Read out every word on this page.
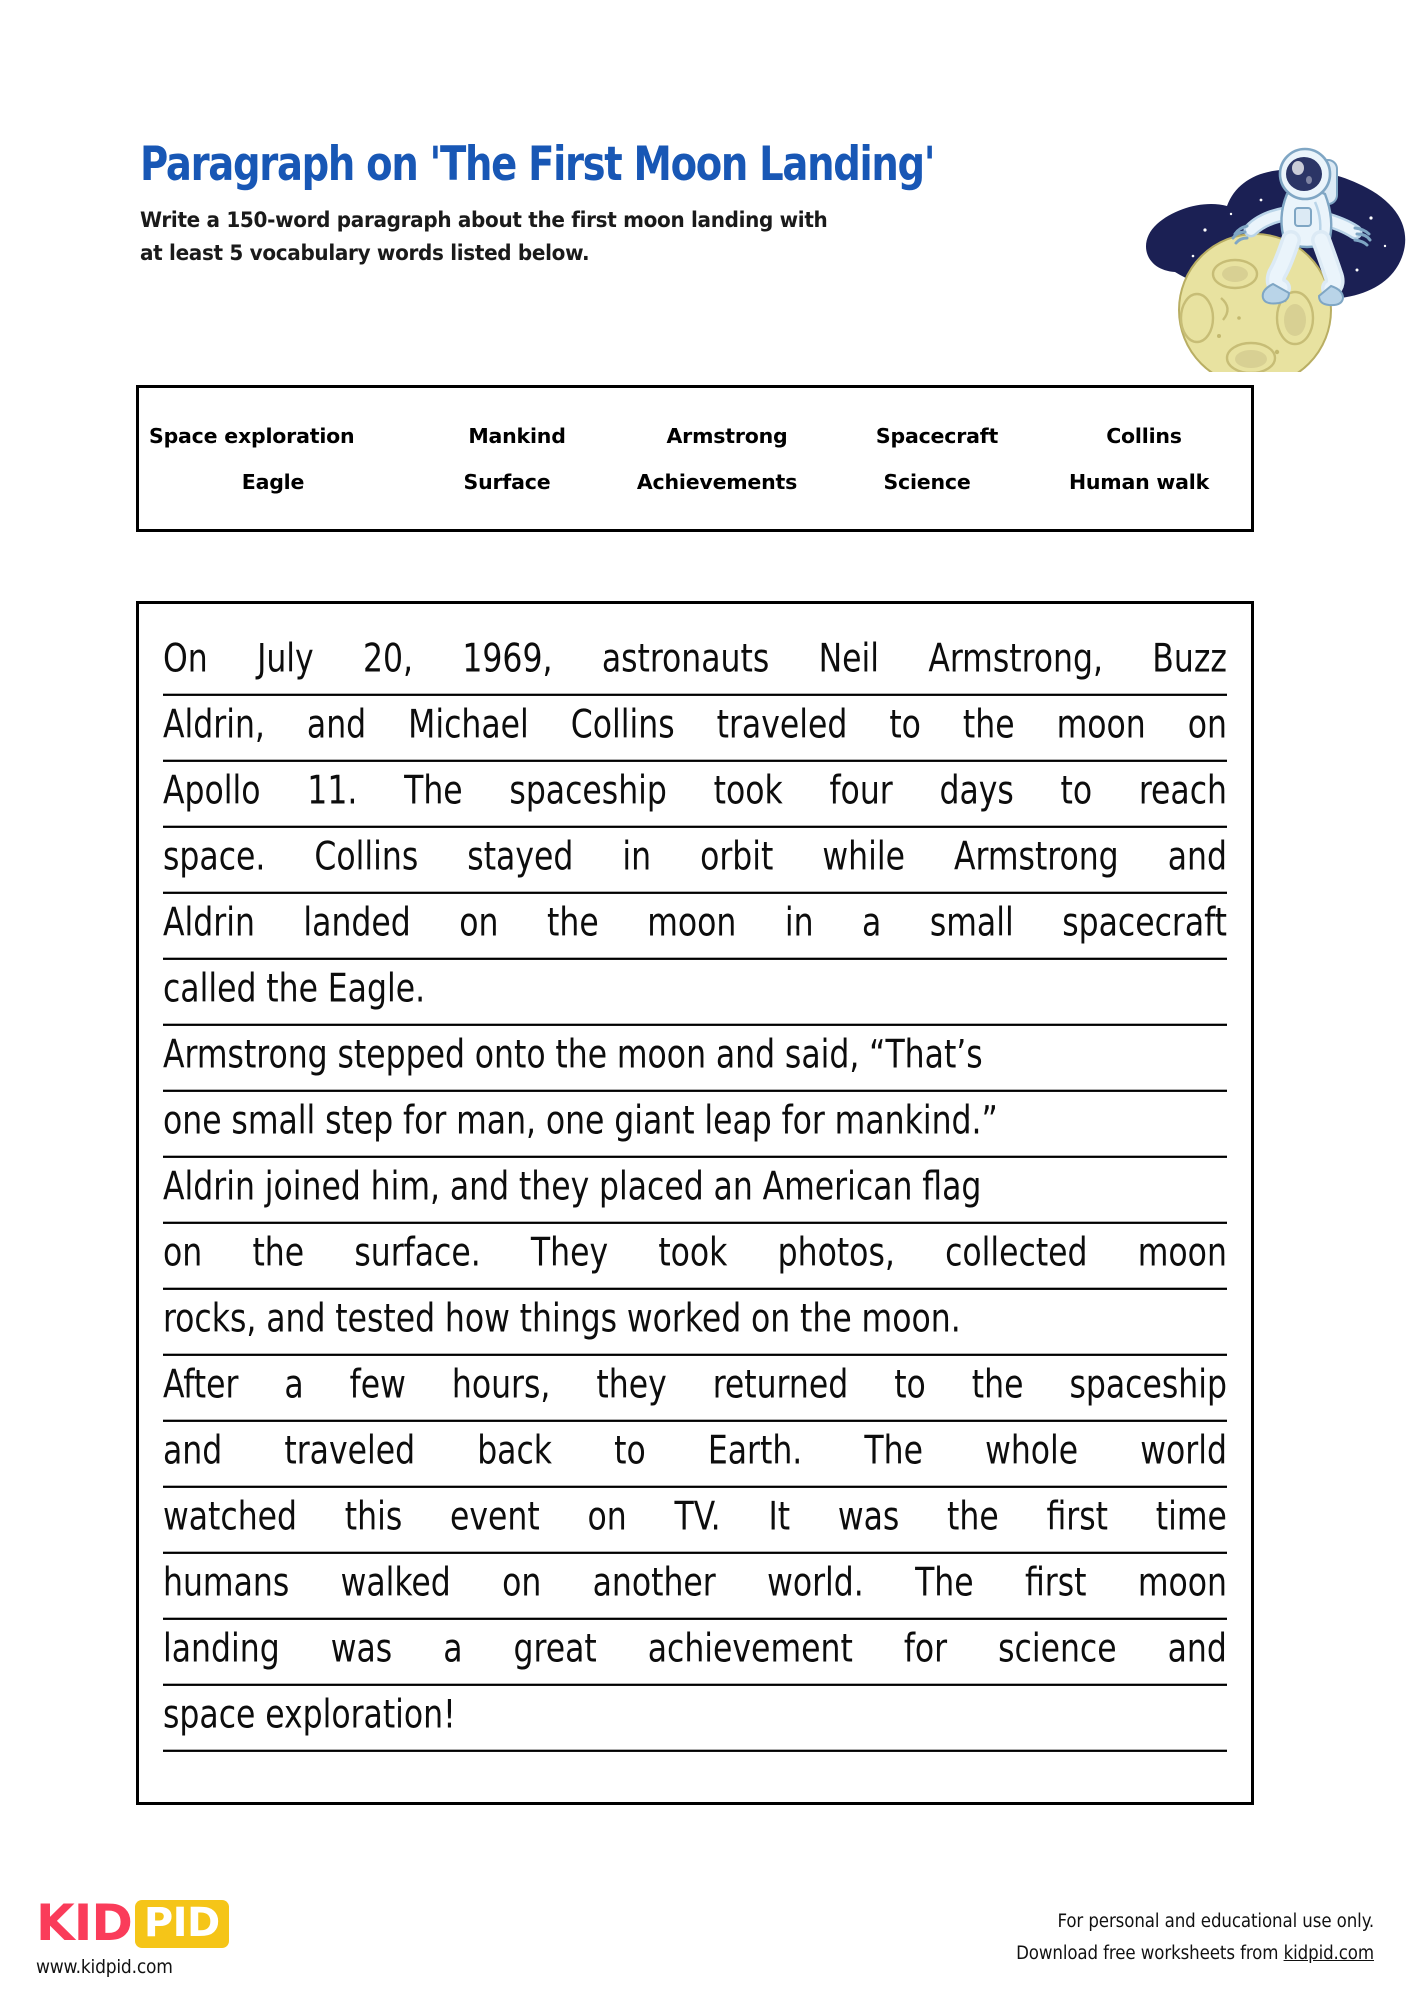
Paragraph on 'The First Moon Landing'
Write a 150-word paragraph about the first moon landing with at least 5 vocabulary words listed below.
Space exploration	Mankind	Armstrong	Spacecraft	Collins
Eagle	Surface	Achievements	Science	Human walk
On July 20, 1969, astronauts Neil Armstrong, Buzz
Aldrin, and Michael Collins traveled to the moon on
Apollo 11. The spaceship took four days to reach
space. Collins stayed in orbit while Armstrong and
Aldrin landed on the moon in a small spacecraft
called the Eagle.
Armstrong stepped onto the moon and said, “That’s
one small step for man, one giant leap for mankind.”
Aldrin joined him, and they placed an American flag
on the surface. They took photos, collected moon
rocks, and tested how things worked on the moon.
After a few hours, they returned to the spaceship
and traveled back to Earth. The whole world
watched this event on TV. It was the first time
humans walked on another world. The first moon
landing was a great achievement for science and
space exploration!
KID PID
www.kidpid.com
For personal and educational use only.
Download free worksheets from kidpid.com
